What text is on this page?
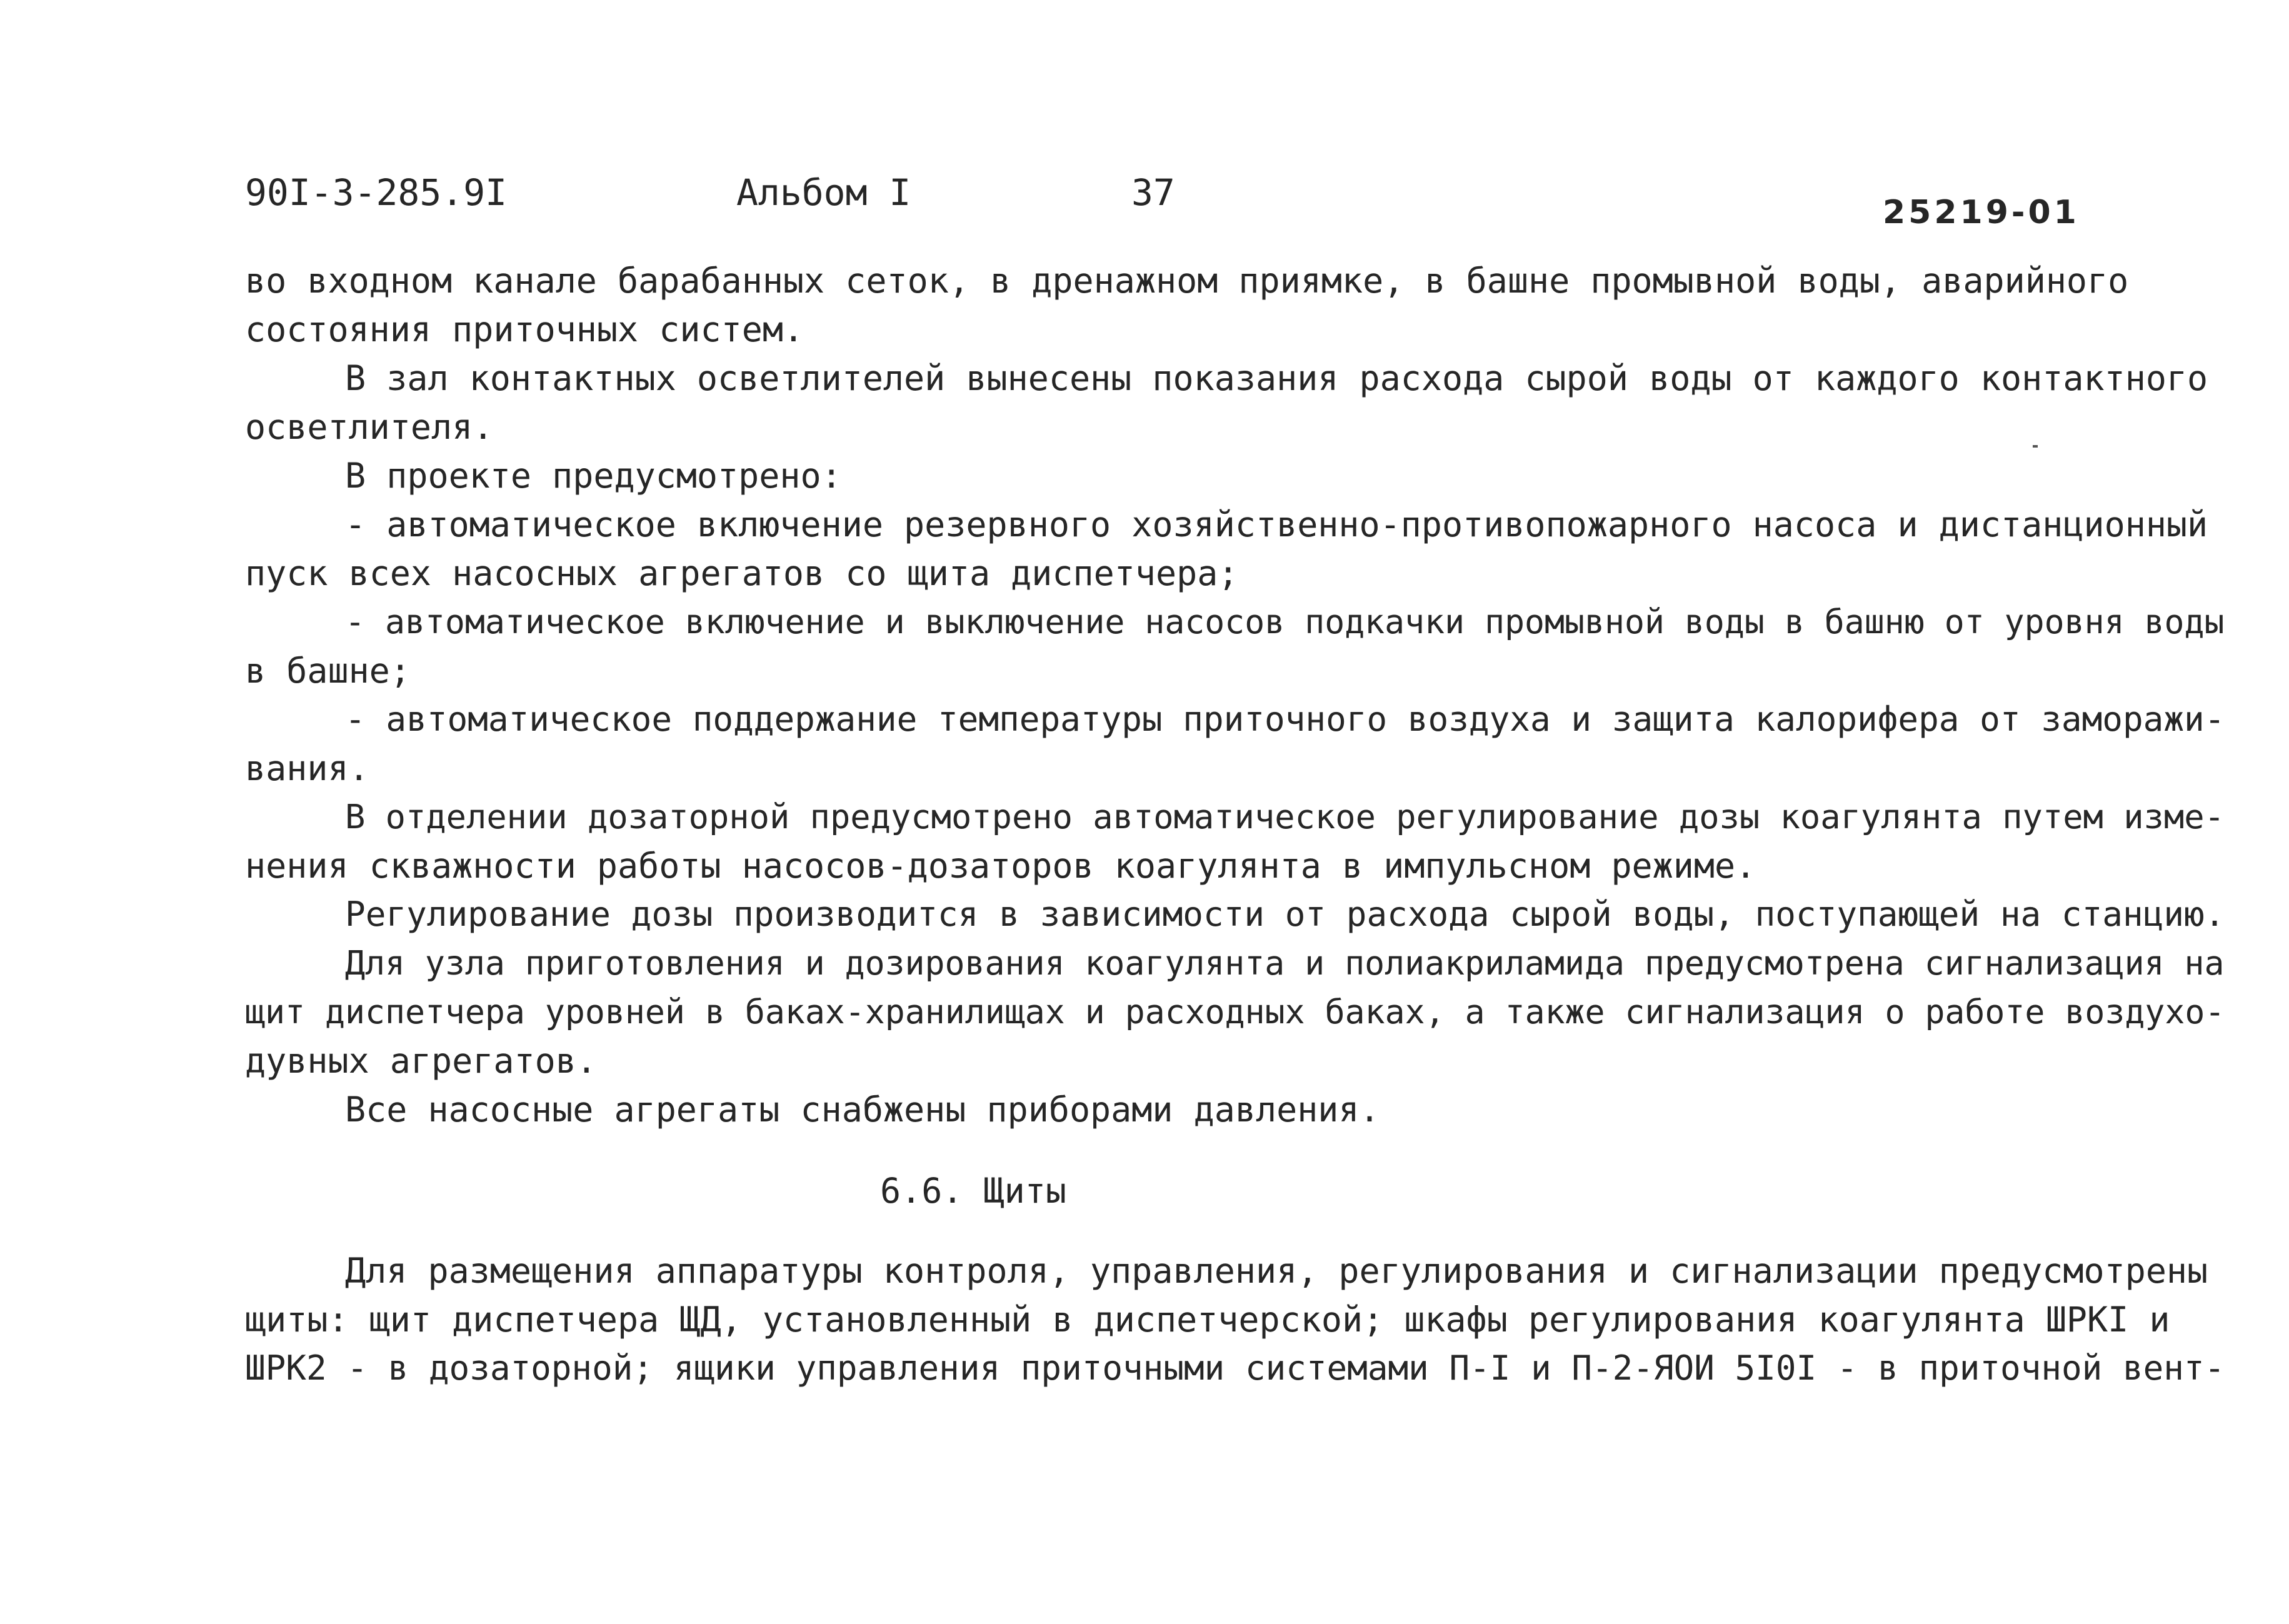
90I-3-285.9I	Альбом I	37	25219-01
во входном канале барабанных сеток, в дренажном приямке, в башне промывной воды, аварийного
состояния приточных систем.
В зал контактных осветлителей вынесены показания расхода сырой воды от каждого контактного
осветлителя.
В проекте предусмотрено:
- автоматическое включение резервного хозяйственно-противопожарного насоса и дистанционный
пуск всех насосных агрегатов со щита диспетчера;
- автоматическое включение и выключение насосов подкачки промывной воды в башню от уровня воды
в башне;
- автоматическое поддержание температуры приточного воздуха и защита калорифера от заморажи-
вания.
В отделении дозаторной предусмотрено автоматическое регулирование дозы коагулянта путем изме-
нения скважности работы насосов-дозаторов коагулянта в импульсном режиме.
Регулирование дозы производится в зависимости от расхода сырой воды, поступающей на станцию.
Для узла приготовления и дозирования коагулянта и полиакриламида предусмотрена сигнализация на
щит диспетчера уровней в баках-хранилищах и расходных баках, а также сигнализация о работе воздухо-
дувных агрегатов.
Все насосные агрегаты снабжены приборами давления.
6.6. Щиты
Для размещения аппаратуры контроля, управления, регулирования и сигнализации предусмотрены
щиты: щит диспетчера ЩД, установленный в диспетчерской; шкафы регулирования коагулянта ШРКI и
ШРК2 - в дозаторной; ящики управления приточными системами П-I и П-2-ЯОИ 5I0I - в приточной вент-
